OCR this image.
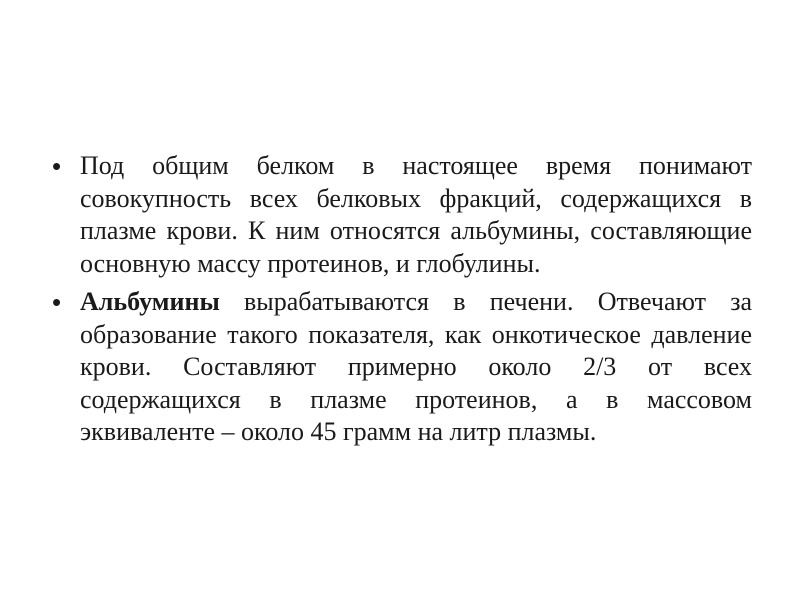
• Под общим белком в настоящее время понимают совокупность всех белковых фракций, содержащихся в плазме крови. К ним относятся альбумины, составляющие основную массу протеинов, и глобулины.
• Альбумины вырабатываются в печени. Отвечают за образование такого показателя, как онкотическое давление крови. Составляют примерно около 2/3 от всех содержащихся в плазме протеинов, а в массовом эквиваленте – около 45 грамм на литр плазмы.
